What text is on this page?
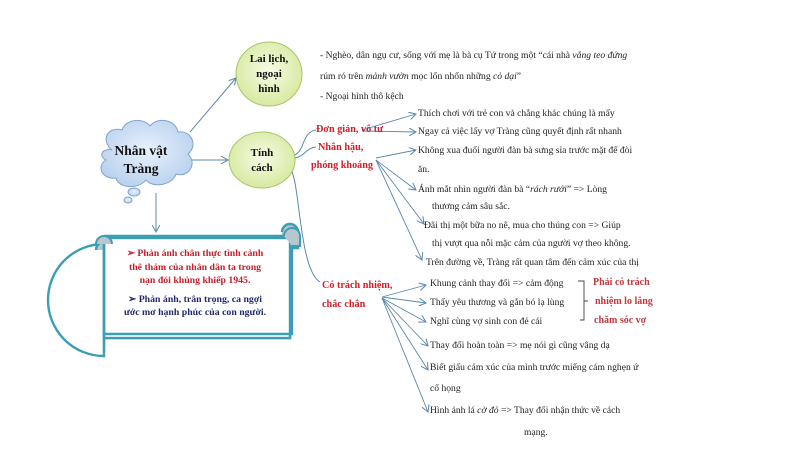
Nhân vật
Tràng
Lai lịch,
ngoại
hình
Tính
cách
- Nghèo, dân ngụ cư, sống với mẹ là bà cụ Tứ trong một “cái nhà vắng teo đứng
rúm ró trên mảnh vườn mọc lổn nhổn những cỏ dại”
- Ngoại hình thô kệch
Đơn giản, vô tư
Nhân hậu,
phóng khoáng
Có trách nhiệm,
chắc chắn
Thích chơi với trẻ con và chẳng khác chúng là mấy
Ngay cả việc lấy vợ Tràng cũng quyết định rất nhanh
Không xua đuổi người đàn bà sưng sỉa trước mặt để đòi
ăn.
Ánh mắt nhìn người đàn bà “rách rưới” => Lòng
thương cảm sâu sắc.
Đãi thị một bữa no nê, mua cho thúng con => Giúp
thị vượt qua nỗi mặc cảm của người vợ theo không.
Trên đường về, Tràng rất quan tâm đến cảm xúc của thị
Khung cảnh thay đổi => cảm động
Thấy yêu thương và gắn bó lạ lùng
Nghĩ cùng vợ sinh con đẻ cái
Thay đổi hoàn toàn => mẹ nói gì cũng vâng dạ
Biết giấu cảm xúc của mình trước miếng cám nghẹn ứ
cổ họng
Hình ảnh lá cờ đỏ => Thay đổi nhận thức về cách
mạng.
Phải có trách
nhiệm lo lắng
chăm sóc vợ
➢ Phản ánh chân thực tình cảnh
thê thảm của nhân dân ta trong
nạn đói khủng khiếp 1945.
➢ Phản ánh, trân trọng, ca ngợi
ước mơ hạnh phúc của con người.
